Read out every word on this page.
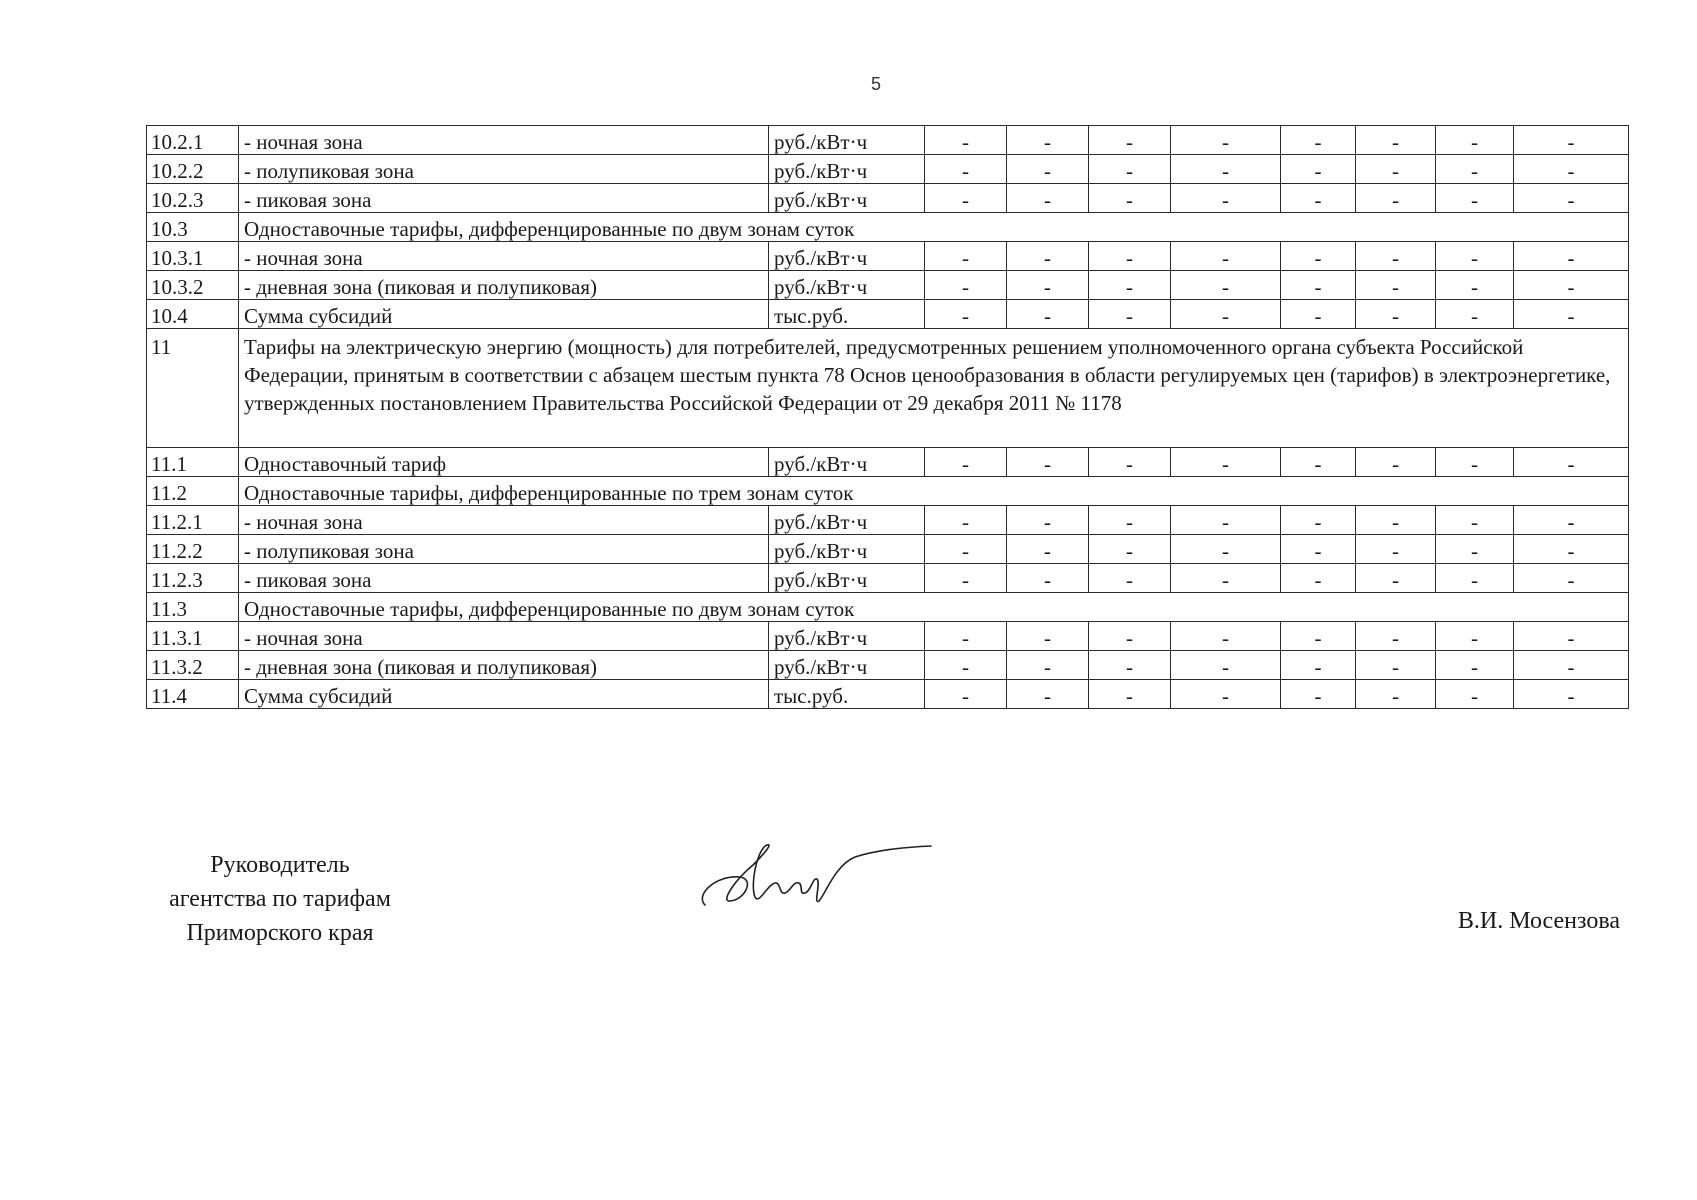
5
10.2.1	- ночная зона	руб./кВт·ч	-	-	-	-	-	-	-	-
10.2.2	- полупиковая зона	руб./кВт·ч	-	-	-	-	-	-	-	-
10.2.3	- пиковая зона	руб./кВт·ч	-	-	-	-	-	-	-	-
10.3	Одноставочные тарифы, дифференцированные по двум зонам суток									
10.3.1	- ночная зона	руб./кВт·ч	-	-	-	-	-	-	-	-
10.3.2	- дневная зона (пиковая и полупиковая)	руб./кВт·ч	-	-	-	-	-	-	-	-
10.4	Сумма субсидий	тыс.руб.	-	-	-	-	-	-	-	-
11	Тарифы на электрическую энергию (мощность) для потребителей, предусмотренных решением уполномоченного органа субъекта Российской Федерации, принятым в соответствии с абзацем шестым пункта 78 Основ ценообразования в области регулируемых цен (тарифов) в электроэнергетике, утвержденных постановлением Правительства Российской Федерации от 29 декабря 2011 № 1178									
11.1	Одноставочный тариф	руб./кВт·ч	-	-	-	-	-	-	-	-
11.2	Одноставочные тарифы, дифференцированные по трем зонам суток									
11.2.1	- ночная зона	руб./кВт·ч	-	-	-	-	-	-	-	-
11.2.2	- полупиковая зона	руб./кВт·ч	-	-	-	-	-	-	-	-
11.2.3	- пиковая зона	руб./кВт·ч	-	-	-	-	-	-	-	-
11.3	Одноставочные тарифы, дифференцированные по двум зонам суток									
11.3.1	- ночная зона	руб./кВт·ч	-	-	-	-	-	-	-	-
11.3.2	- дневная зона (пиковая и полупиковая)	руб./кВт·ч	-	-	-	-	-	-	-	-
11.4	Сумма субсидий	тыс.руб.	-	-	-	-	-	-	-	-
Руководитель
агентства по тарифам
Приморского края	В.И. Мосензова
